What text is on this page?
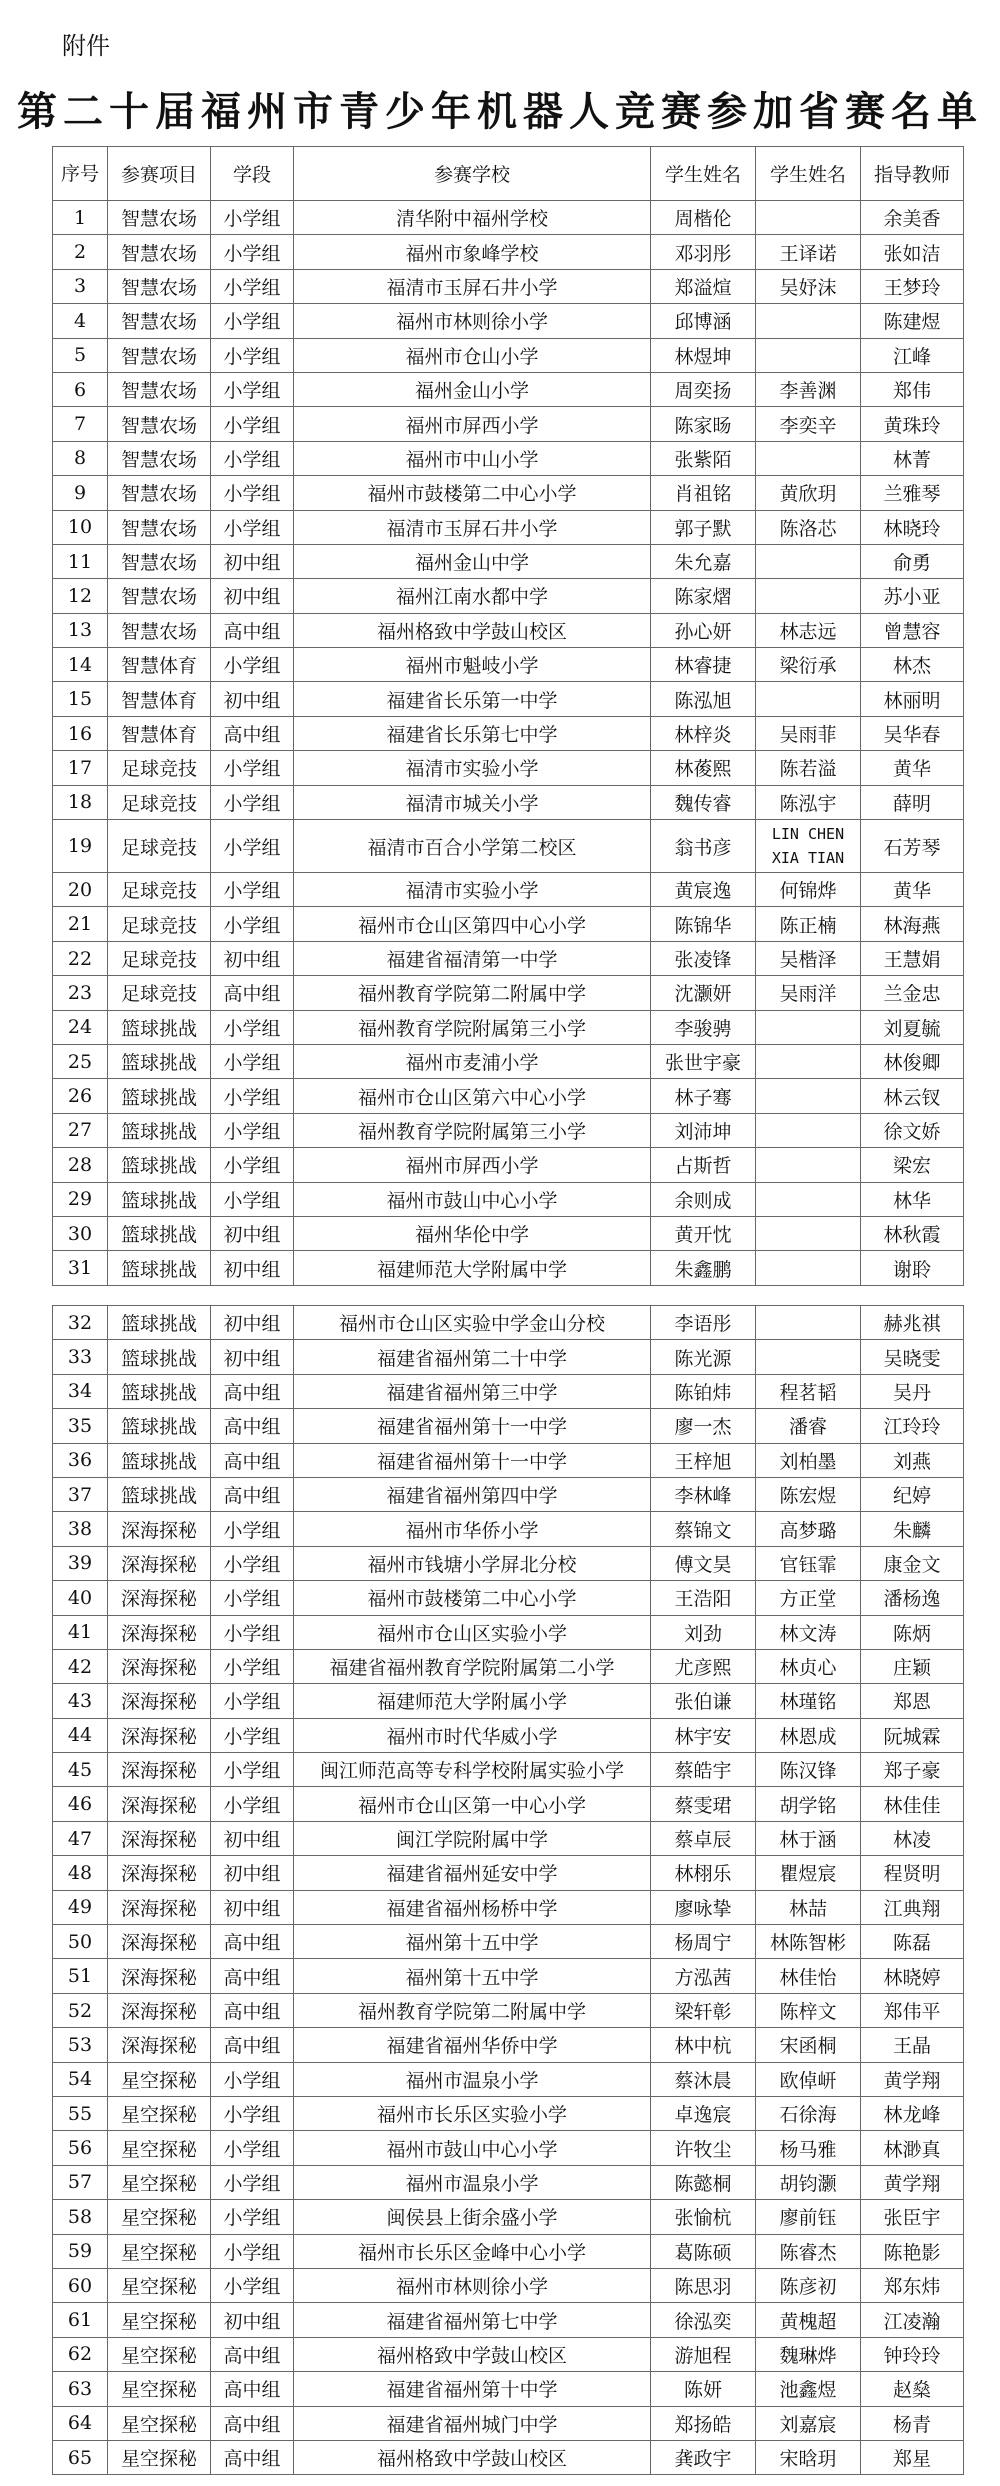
附件
第二十届福州市青少年机器人竞赛参加省赛名单
序号	参赛项目	学段	参赛学校	学生姓名	学生姓名	指导教师
1	智慧农场	小学组	清华附中福州学校	周楷伦		余美香
2	智慧农场	小学组	福州市象峰学校	邓羽彤	王译诺	张如洁
3	智慧农场	小学组	福清市玉屏石井小学	郑溢煊	吴妤沫	王梦玲
4	智慧农场	小学组	福州市林则徐小学	邱博涵		陈建煜
5	智慧农场	小学组	福州市仓山小学	林煜坤		江峰
6	智慧农场	小学组	福州金山小学	周奕扬	李善渊	郑伟
7	智慧农场	小学组	福州市屏西小学	陈家旸	李奕辛	黄珠玲
8	智慧农场	小学组	福州市中山小学	张紫陌		林菁
9	智慧农场	小学组	福州市鼓楼第二中心小学	肖祖铭	黄欣玥	兰雅琴
10	智慧农场	小学组	福清市玉屏石井小学	郭子默	陈洛芯	林晓玲
11	智慧农场	初中组	福州金山中学	朱允嘉		俞勇
12	智慧农场	初中组	福州江南水都中学	陈家熠		苏小亚
13	智慧农场	高中组	福州格致中学鼓山校区	孙心妍	林志远	曾慧容
14	智慧体育	小学组	福州市魁岐小学	林睿捷	梁衍承	林杰
15	智慧体育	初中组	福建省长乐第一中学	陈泓旭		林丽明
16	智慧体育	高中组	福建省长乐第七中学	林梓炎	吴雨菲	吴华春
17	足球竞技	小学组	福清市实验小学	林葰熙	陈若溢	黄华
18	足球竞技	小学组	福清市城关小学	魏传睿	陈泓宇	薛明
19	足球竞技	小学组	福清市百合小学第二校区	翁书彦	LIN CHEN XIA TIAN	石芳琴
20	足球竞技	小学组	福清市实验小学	黄宸逸	何锦烨	黄华
21	足球竞技	小学组	福州市仓山区第四中心小学	陈锦华	陈正楠	林海燕
22	足球竞技	初中组	福建省福清第一中学	张凌锋	吴楷泽	王慧娟
23	足球竞技	高中组	福州教育学院第二附属中学	沈灏妍	吴雨洋	兰金忠
24	篮球挑战	小学组	福州教育学院附属第三小学	李骏骋		刘夏毓
25	篮球挑战	小学组	福州市麦浦小学	张世宇豪		林俊卿
26	篮球挑战	小学组	福州市仓山区第六中心小学	林子骞		林云钗
27	篮球挑战	小学组	福州教育学院附属第三小学	刘沛坤		徐文娇
28	篮球挑战	小学组	福州市屏西小学	占斯哲		梁宏
29	篮球挑战	小学组	福州市鼓山中心小学	余则成		林华
30	篮球挑战	初中组	福州华伦中学	黄开忱		林秋霞
31	篮球挑战	初中组	福建师范大学附属中学	朱鑫鹏		谢聆
32	篮球挑战	初中组	福州市仓山区实验中学金山分校	李语彤		赫兆祺
33	篮球挑战	初中组	福建省福州第二十中学	陈光源		吴晓雯
34	篮球挑战	高中组	福建省福州第三中学	陈铂炜	程茗韬	吴丹
35	篮球挑战	高中组	福建省福州第十一中学	廖一杰	潘睿	江玲玲
36	篮球挑战	高中组	福建省福州第十一中学	王梓旭	刘柏墨	刘燕
37	篮球挑战	高中组	福建省福州第四中学	李林峰	陈宏煜	纪婷
38	深海探秘	小学组	福州市华侨小学	蔡锦文	高梦璐	朱麟
39	深海探秘	小学组	福州市钱塘小学屏北分校	傅文昊	官钰霏	康金文
40	深海探秘	小学组	福州市鼓楼第二中心小学	王浩阳	方正堂	潘杨逸
41	深海探秘	小学组	福州市仓山区实验小学	刘劲	林文涛	陈炳
42	深海探秘	小学组	福建省福州教育学院附属第二小学	尤彦熙	林贞心	庄颖
43	深海探秘	小学组	福建师范大学附属小学	张伯谦	林瑾铭	郑恩
44	深海探秘	小学组	福州市时代华威小学	林宇安	林恩成	阮城霖
45	深海探秘	小学组	闽江师范高等专科学校附属实验小学	蔡皓宇	陈汉锋	郑子豪
46	深海探秘	小学组	福州市仓山区第一中心小学	蔡雯珺	胡学铭	林佳佳
47	深海探秘	初中组	闽江学院附属中学	蔡卓辰	林于涵	林凌
48	深海探秘	初中组	福建省福州延安中学	林栩乐	瞿煜宸	程贤明
49	深海探秘	初中组	福建省福州杨桥中学	廖咏挚	林喆	江典翔
50	深海探秘	高中组	福州第十五中学	杨周宁	林陈智彬	陈磊
51	深海探秘	高中组	福州第十五中学	方泓茜	林佳怡	林晓婷
52	深海探秘	高中组	福州教育学院第二附属中学	梁轩彰	陈梓文	郑伟平
53	深海探秘	高中组	福建省福州华侨中学	林中杭	宋函桐	王晶
54	星空探秘	小学组	福州市温泉小学	蔡沐晨	欧倬岍	黄学翔
55	星空探秘	小学组	福州市长乐区实验小学	卓逸宸	石徐海	林龙峰
56	星空探秘	小学组	福州市鼓山中心小学	许牧尘	杨马雅	林渺真
57	星空探秘	小学组	福州市温泉小学	陈懿桐	胡钧灏	黄学翔
58	星空探秘	小学组	闽侯县上街余盛小学	张愉杭	廖前钰	张臣宇
59	星空探秘	小学组	福州市长乐区金峰中心小学	葛陈硕	陈睿杰	陈艳影
60	星空探秘	小学组	福州市林则徐小学	陈思羽	陈彦初	郑东炜
61	星空探秘	初中组	福建省福州第七中学	徐泓奕	黄槐超	江凌瀚
62	星空探秘	高中组	福州格致中学鼓山校区	游旭程	魏琳烨	钟玲玲
63	星空探秘	高中组	福建省福州第十中学	陈妍	池鑫煜	赵燊
64	星空探秘	高中组	福建省福州城门中学	郑扬皓	刘嘉宸	杨青
65	星空探秘	高中组	福州格致中学鼓山校区	龚政宇	宋晗玥	郑星
